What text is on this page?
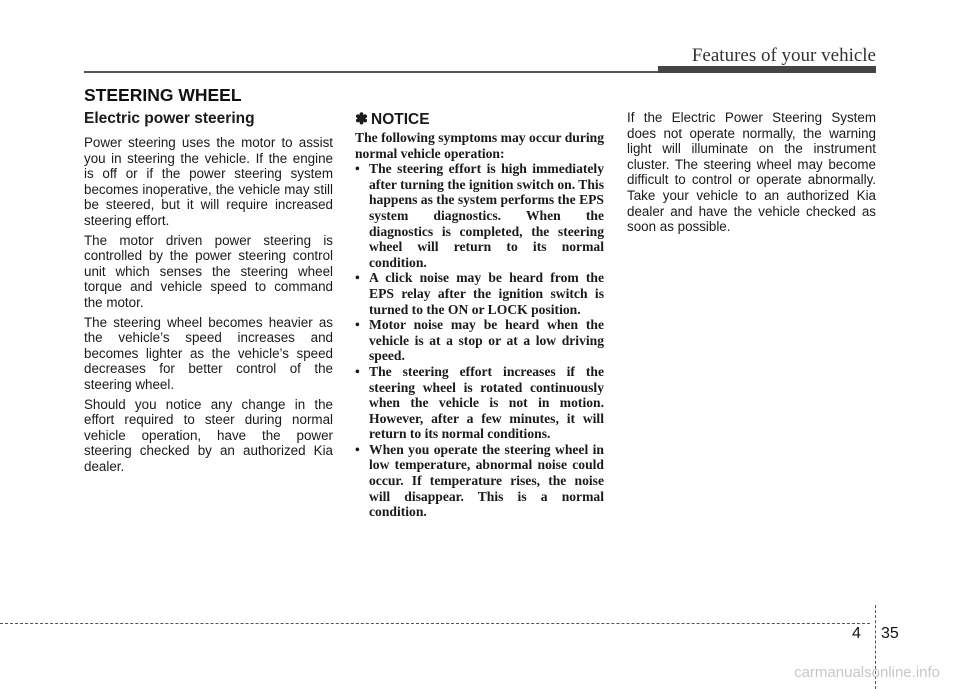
Features of your vehicle
STEERING WHEEL
Electric power steering

Power steering uses the motor to assist you in steering the vehicle. If the engine is off or if the power steering system becomes inoperative, the vehicle may still be steered, but it will require increased steering effort.

The motor driven power steering is controlled by the power steering control unit which senses the steering wheel torque and vehicle speed to command the motor.

The steering wheel becomes heavier as the vehicle’s speed increases and becomes lighter as the vehicle’s speed decreases for better control of the steering wheel.

Should you notice any change in the effort required to steer during normal vehicle operation, have the power steering checked by an authorized Kia dealer.

✽ NOTICE

The following symptoms may occur during normal vehicle operation:

• The steering effort is high immediately after turning the ignition switch on. This happens as the system performs the EPS system diagnostics. When the diagnostics is completed, the steering wheel will return to its normal condition.
• A click noise may be heard from the EPS relay after the ignition switch is turned to the ON or LOCK position.
• Motor noise may be heard when the vehicle is at a stop or at a low driving speed.
• The steering effort increases if the steering wheel is rotated continuously when the vehicle is not in motion. However, after a few minutes, it will return to its normal conditions.
• When you operate the steering wheel in low temperature, abnormal noise could occur. If temperature rises, the noise will disappear. This is a normal condition.

If the Electric Power Steering System does not operate normally, the warning light will illuminate on the instrument cluster. The steering wheel may become difficult to control or operate abnormally. Take your vehicle to an authorized Kia dealer and have the vehicle checked as soon as possible.

4 35
carmanualsonline.info
